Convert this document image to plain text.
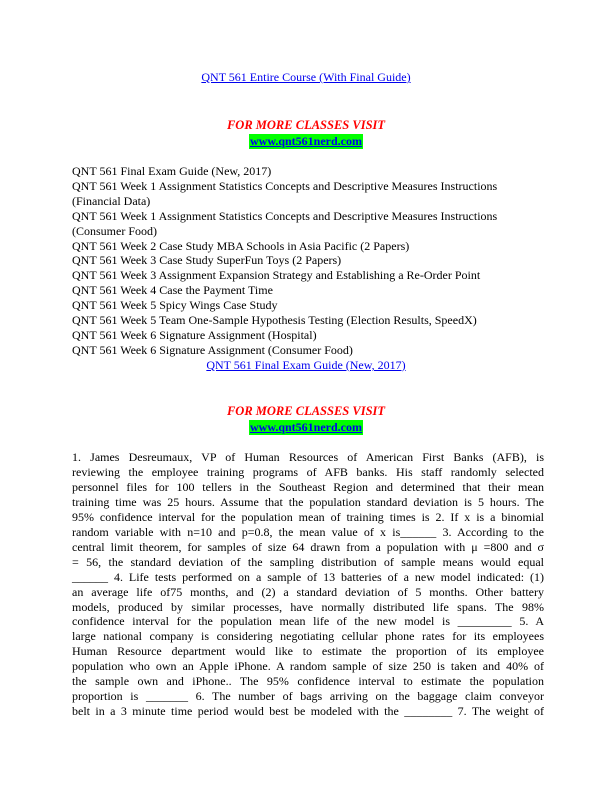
QNT 561 Entire Course (With Final Guide)
FOR MORE CLASSES VISIT
www.qnt561nerd.com
QNT 561 Final Exam Guide (New, 2017)
QNT 561 Week 1 Assignment Statistics Concepts and Descriptive Measures Instructions
(Financial Data)
QNT 561 Week 1 Assignment Statistics Concepts and Descriptive Measures Instructions
(Consumer Food)
QNT 561 Week 2 Case Study MBA Schools in Asia Pacific (2 Papers)
QNT 561 Week 3 Case Study SuperFun Toys (2 Papers)
QNT 561 Week 3 Assignment Expansion Strategy and Establishing a Re-Order Point
QNT 561 Week 4 Case the Payment Time
QNT 561 Week 5 Spicy Wings Case Study
QNT 561 Week 5 Team One-Sample Hypothesis Testing (Election Results, SpeedX)
QNT 561 Week 6 Signature Assignment (Hospital)
QNT 561 Week 6 Signature Assignment (Consumer Food)
QNT 561 Final Exam Guide (New, 2017)
FOR MORE CLASSES VISIT
www.qnt561nerd.com
1. James Desreumaux, VP of Human Resources of American First Banks (AFB), is
reviewing the employee training programs of AFB banks. His staff randomly selected
personnel files for 100 tellers in the Southeast Region and determined that their mean
training time was 25 hours. Assume that the population standard deviation is 5 hours. The
95% confidence interval for the population mean of training times is 2. If x is a binomial
random variable with n=10 and p=0.8, the mean value of x is______ 3. According to the
central limit theorem, for samples of size 64 drawn from a population with μ =800 and σ
= 56, the standard deviation of the sampling distribution of sample means would equal
______ 4. Life tests performed on a sample of 13 batteries of a new model indicated: (1)
an average life of75 months, and (2) a standard deviation of 5 months. Other battery
models, produced by similar processes, have normally distributed life spans. The 98%
confidence interval for the population mean life of the new model is _________ 5. A
large national company is considering negotiating cellular phone rates for its employees
Human Resource department would like to estimate the proportion of its employee
population who own an Apple iPhone. A random sample of size 250 is taken and 40% of
the sample own and iPhone.. The 95% confidence interval to estimate the population
proportion is _______ 6. The number of bags arriving on the baggage claim conveyor
belt in a 3 minute time period would best be modeled with the ________ 7. The weight of
